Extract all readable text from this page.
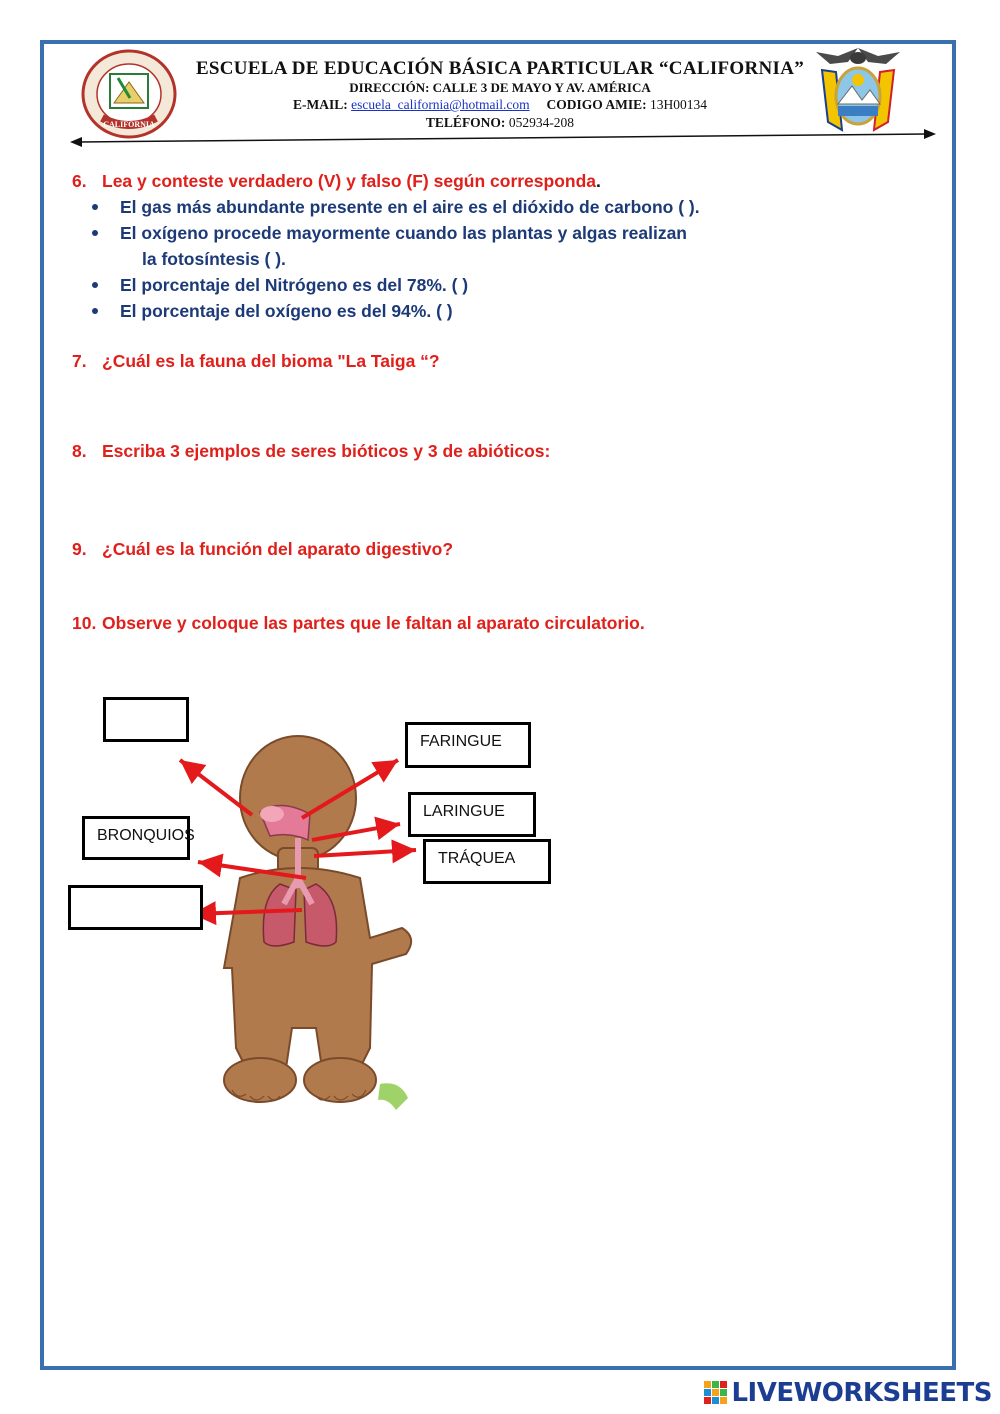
CALIFORNIA
ESCUELA DE EDUCACIÓN BÁSICA PARTICULAR “CALIFORNIA”
DIRECCIÓN: CALLE 3 DE MAYO Y AV. AMÉRICA
E-MAIL: escuela_california@hotmail.com CODIGO AMIE: 13H00134
TELÉFONO: 052934-208
6. Lea y conteste verdadero (V) y falso (F) según corresponda.
El gas más abundante presente en el aire es el dióxido de carbono ( ).
El oxígeno procede mayormente cuando las plantas y algas realizan
la fotosíntesis ( ).
El porcentaje del Nitrógeno es del 78%. ( )
El porcentaje del oxígeno es del 94%. ( )
7. ¿Cuál es la fauna del bioma "La Taiga “?
8. Escriba 3 ejemplos de seres bióticos y 3 de abióticos:
9. ¿Cuál es la función del aparato digestivo?
10. Observe y coloque las partes que le faltan al aparato circulatorio.
FARINGUE
LARINGUE
TRÁQUEA
BRONQUIOS
LIVEWORKSHEETS
